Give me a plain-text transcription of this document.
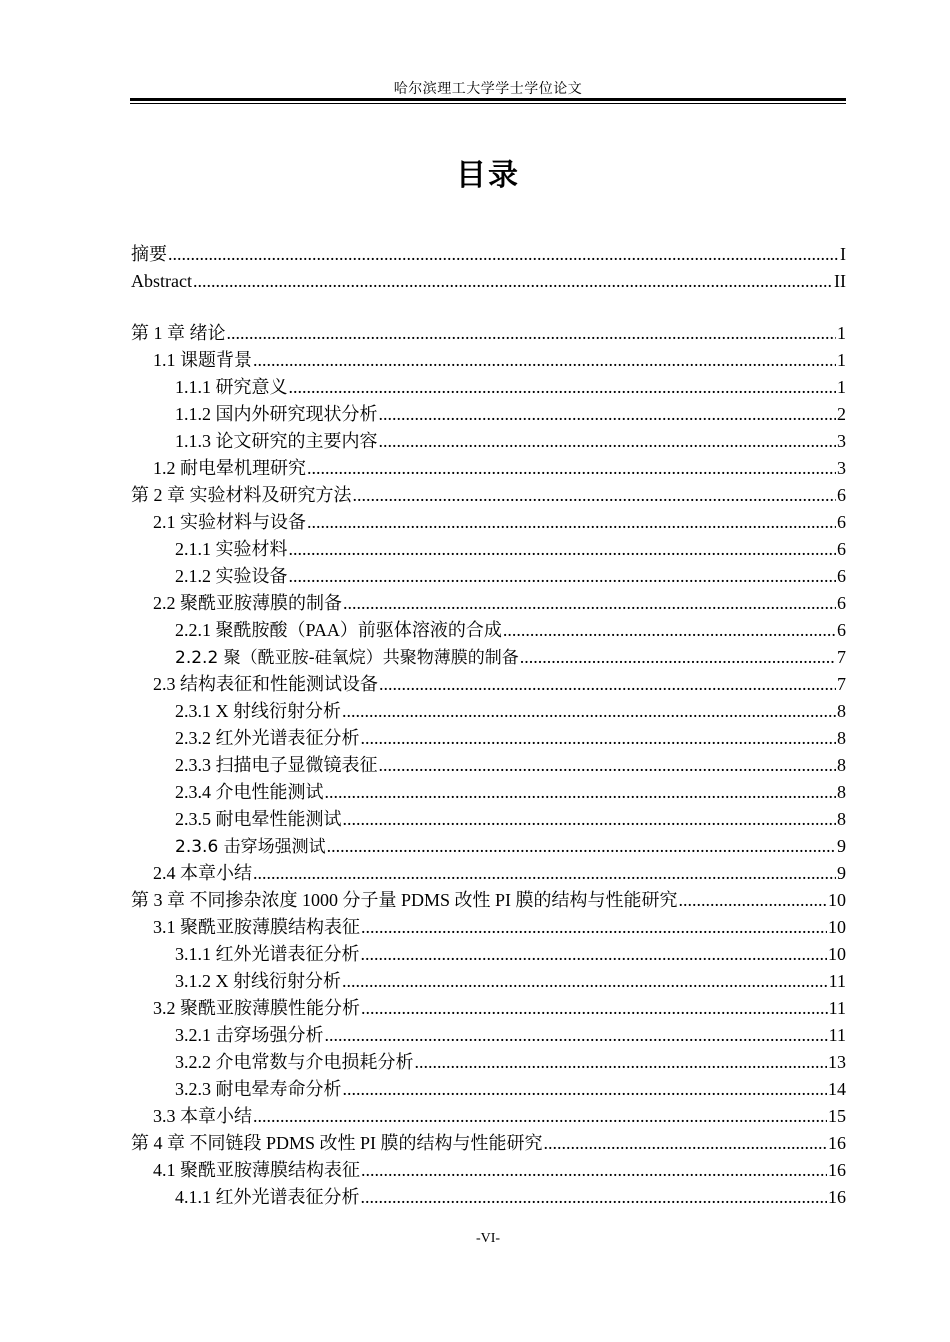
哈尔滨理工大学学士学位论文
目录
摘要 .....	I
Abstract .....	II
第 1 章 绪论 .....	1
1.1 课题背景 .....	1
1.1.1 研究意义 .....	1
1.1.2 国内外研究现状分析 .....	2
1.1.3 论文研究的主要内容 .....	3
1.2 耐电晕机理研究 .....	3
第 2 章 实验材料及研究方法 .....	6
2.1 实验材料与设备 .....	6
2.1.1 实验材料 .....	6
2.1.2 实验设备 .....	6
2.2 聚酰亚胺薄膜的制备 .....	6
2.2.1 聚酰胺酸（PAA）前驱体溶液的合成 .....	6
2.2.2 聚（酰亚胺-硅氧烷）共聚物薄膜的制备 .....	7
2.3 结构表征和性能测试设备 .....	7
2.3.1 X 射线衍射分析 .....	8
2.3.2 红外光谱表征分析 .....	8
2.3.3 扫描电子显微镜表征 .....	8
2.3.4 介电性能测试 .....	8
2.3.5 耐电晕性能测试 .....	8
2.3.6 击穿场强测试 .....	9
2.4 本章小结 .....	9
第 3 章 不同掺杂浓度 1000 分子量 PDMS 改性 PI 膜的结构与性能研究 .....	10
3.1 聚酰亚胺薄膜结构表征 .....	10
3.1.1 红外光谱表征分析 .....	10
3.1.2 X 射线衍射分析 .....	11
3.2 聚酰亚胺薄膜性能分析 .....	11
3.2.1 击穿场强分析 .....	11
3.2.2 介电常数与介电损耗分析 .....	13
3.2.3 耐电晕寿命分析 .....	14
3.3 本章小结 .....	15
第 4 章 不同链段 PDMS 改性 PI 膜的结构与性能研究 .....	16
4.1 聚酰亚胺薄膜结构表征 .....	16
4.1.1 红外光谱表征分析 .....	16
-VI-
